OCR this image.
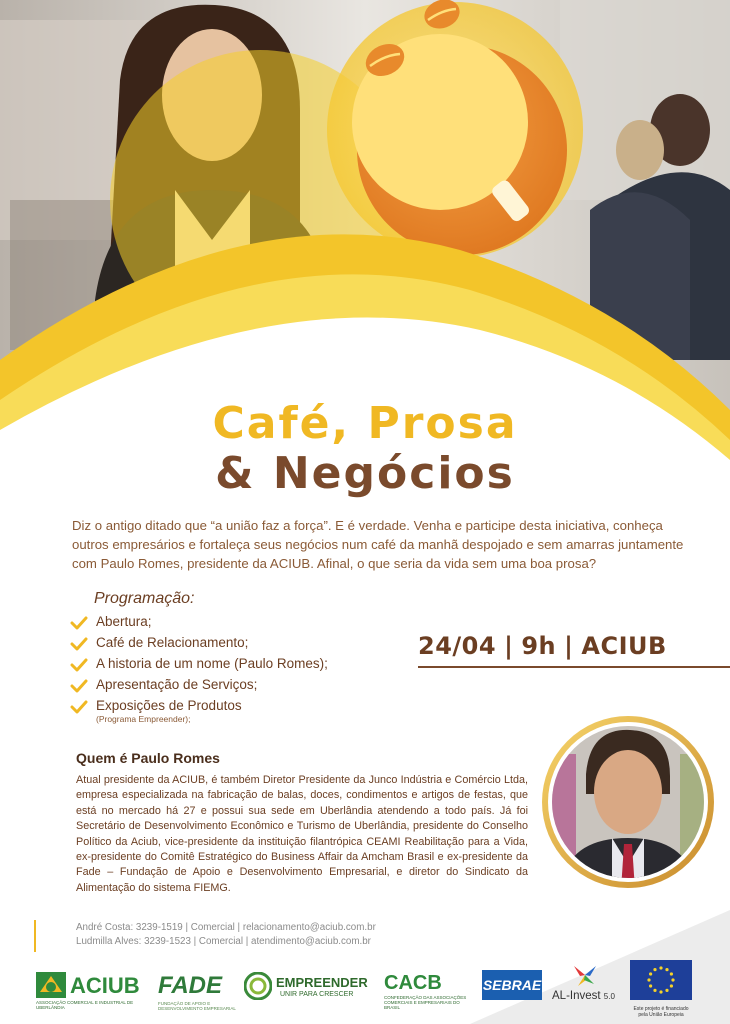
Café, Prosa
& Negócios

Diz o antigo ditado que “a união faz a força”. E é verdade. Venha e participe desta iniciativa, conheça outros empresários e fortaleça seus negócios num café da manhã despojado e sem amarras juntamente com Paulo Romes, presidente da ACIUB. Afinal, o que seria da vida sem uma boa prosa?

Programação:
Abertura;
Café de Relacionamento;
A historia de um nome (Paulo Romes);
Apresentação de Serviços;
Exposições de Produtos
(Programa Empreender);
24/04 | 9h | ACIUB
Quem é Paulo Romes

Atual presidente da ACIUB, é também Diretor Presidente da Junco Indústria e Comércio Ltda, empresa especializada na fabricação de balas, doces, condimentos e artigos de festas, que está no mercado há 27 e possui sua sede em Uberlândia atendendo a todo país. Já foi Secretário de Desenvolvimento Econômico e Turismo de Uberlândia, presidente do Conselho Político da Aciub, vice-presidente da instituição filantrópica CEAMI Reabilitação para a Vida, ex-presidente do Comitê Estratégico do Business Affair da Amcham Brasil e ex-presidente da Fade – Fundação de Apoio e Desenvolvimento Empresarial, e diretor do Sindicato da Alimentação do sistema FIEMG.

André Costa: 3239-1519 | Comercial | relacionamento@aciub.com.br
Ludmilla Alves: 3239-1523 | Comercial | atendimento@aciub.com.br
ACIUB
ASSOCIAÇÃO COMERCIAL E INDUSTRIAL DE UBERLÂNDIA
FADE
FUNDAÇÃO DE APOIO E DESENVOLVIMENTO EMPRESARIAL
EMPREENDER
UNIR PARA CRESCER
CACB
CONFEDERAÇÃO DAS ASSOCIAÇÕES COMERCIAIS E EMPRESARIAIS DO BRASIL
SEBRAE
AL-Invest 5.0
Este projeto é financiado pela União Europeia
